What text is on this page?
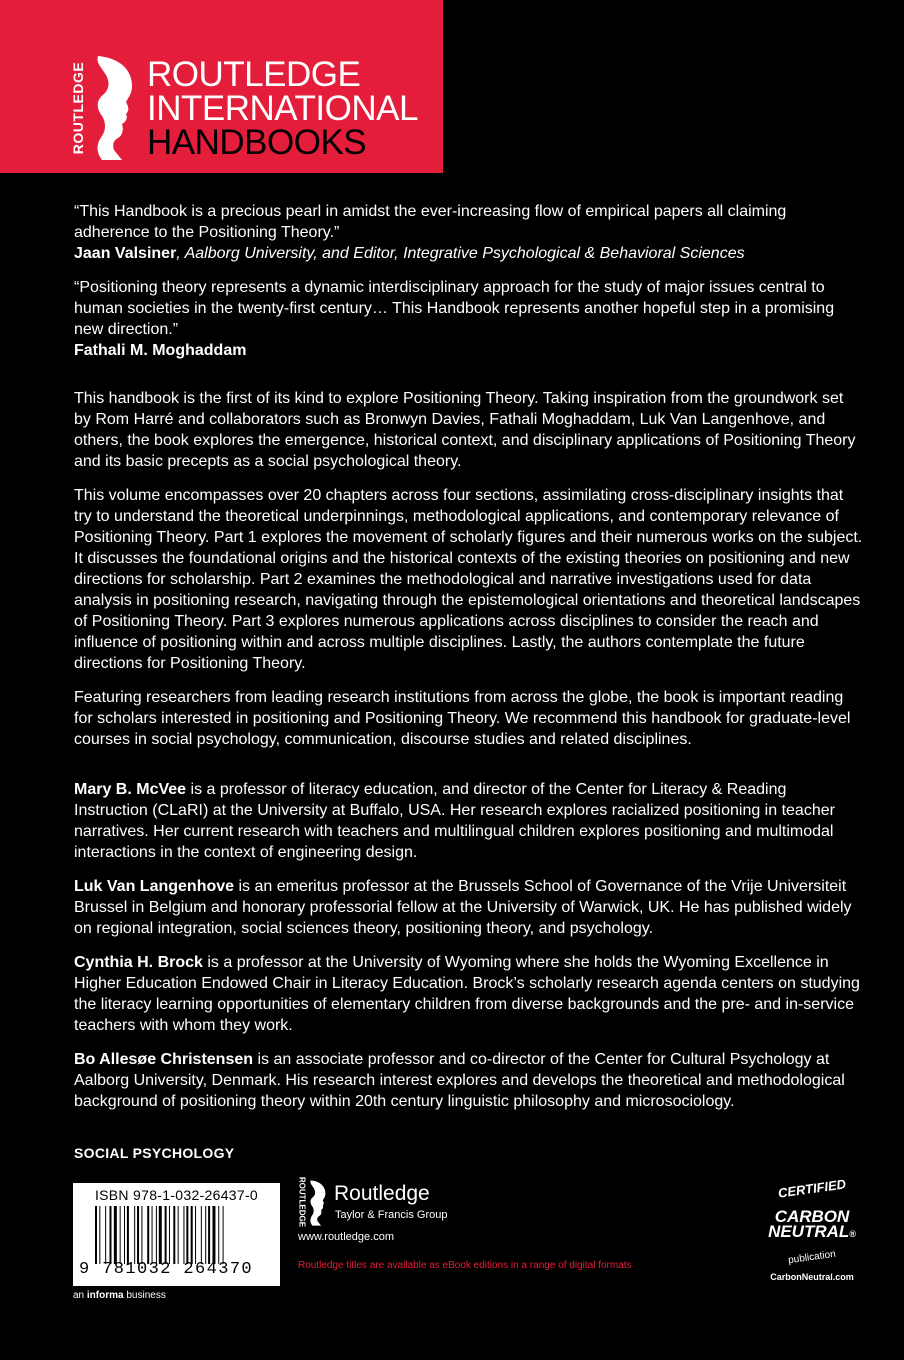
ROUTLEDGE ROUTLEDGE
INTERNATIONAL
HANDBOOKS

“This Handbook is a precious pearl in amidst the ever-increasing flow of empirical papers all claiming adherence to the Positioning Theory.”

Jaan Valsiner, Aalborg University, and Editor, Integrative Psychological & Behavioral Sciences

“Positioning theory represents a dynamic interdisciplinary approach for the study of major issues central to human societies in the twenty-first century… This Handbook represents another hopeful step in a promising new direction.”

Fathali M. Moghaddam

This handbook is the first of its kind to explore Positioning Theory. Taking inspiration from the groundwork set by Rom Harré and collaborators such as Bronwyn Davies, Fathali Moghaddam, Luk Van Langenhove, and others, the book explores the emergence, historical context, and disciplinary applications of Positioning Theory and its basic precepts as a social psychological theory.

This volume encompasses over 20 chapters across four sections, assimilating cross-disciplinary insights that try to understand the theoretical underpinnings, methodological applications, and contemporary relevance of Positioning Theory. Part 1 explores the movement of scholarly figures and their numerous works on the subject. It discusses the foundational origins and the historical contexts of the existing theories on positioning and new directions for scholarship. Part 2 examines the methodological and narrative investigations used for data analysis in positioning research, navigating through the epistemological orientations and theoretical landscapes of Positioning Theory. Part 3 explores numerous applications across disciplines to consider the reach and influence of positioning within and across multiple disciplines. Lastly, the authors contemplate the future directions for Positioning Theory.

Featuring researchers from leading research institutions from across the globe, the book is important reading for scholars interested in positioning and Positioning Theory. We recommend this handbook for graduate-level courses in social psychology, communication, discourse studies and related disciplines.

Mary B. McVee is a professor of literacy education, and director of the Center for Literacy & Reading Instruction (CLaRI) at the University at Buffalo, USA. Her research explores racialized positioning in teacher narratives. Her current research with teachers and multilingual children explores positioning and multimodal interactions in the context of engineering design.

Luk Van Langenhove is an emeritus professor at the Brussels School of Governance of the Vrije Universiteit Brussel in Belgium and honorary professorial fellow at the University of Warwick, UK. He has published widely on regional integration, social sciences theory, positioning theory, and psychology.

Cynthia H. Brock is a professor at the University of Wyoming where she holds the Wyoming Excellence in Higher Education Endowed Chair in Literacy Education. Brock’s scholarly research agenda centers on studying the literacy learning opportunities of elementary children from diverse backgrounds and the pre- and in-service teachers with whom they work.

Bo Allesøe Christensen is an associate professor and co-director of the Center for Cultural Psychology at Aalborg University, Denmark. His research interest explores and develops the theoretical and methodological background of positioning theory within 20th century linguistic philosophy and microsociology.

SOCIAL PSYCHOLOGY
ISBN 978-1-032-26437-0
9 781032 264370
an informa business
ROUTLEDGE Routledge
Taylor & Francis Group
www.routledge.com
Routledge titles are available as eBook editions in a range of digital formats
CERTIFIED
CARBON
NEUTRAL®
publication
CarbonNeutral.com
